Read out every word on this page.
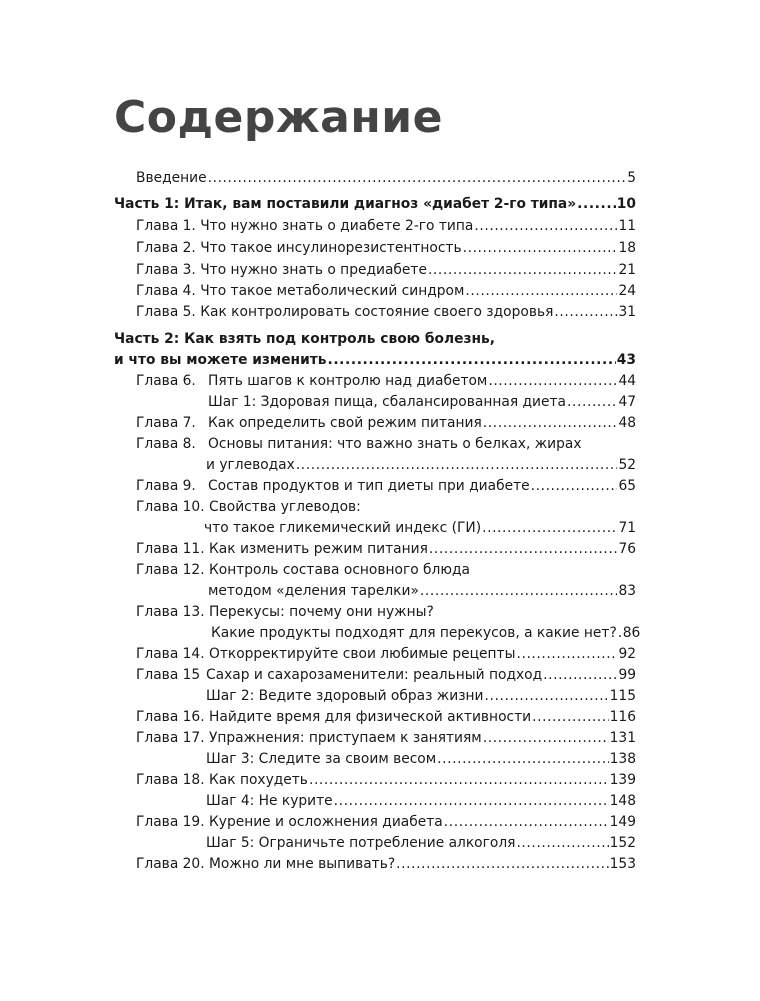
Содержание
Введение .....	5
Часть 1: Итак, вам поставили диагноз «диабет 2-го типа» .....	10
Глава 1. Что нужно знать о диабете 2-го типа .....	11
Глава 2. Что такое инсулинорезистентность .....	18
Глава 3. Что нужно знать о предиабете .....	21
Глава 4. Что такое метаболический синдром .....	24
Глава 5. Как контролировать состояние своего здоровья .....	31
Часть 2: Как взять под контроль свою болезнь,
и что вы можете изменить .....	43
Глава 6. Пять шагов к контролю над диабетом .....	44
Шаг 1: Здоровая пища, сбалансированная диета .....	47
Глава 7. Как определить свой режим питания .....	48
Глава 8. Основы питания: что важно знать о белках, жирах
и углеводах .....	52
Глава 9. Состав продуктов и тип диеты при диабете .....	65
Глава 10. Свойства углеводов:
что такое гликемический индекс (ГИ) .....	71
Глава 11. Как изменить режим питания .....	76
Глава 12. Контроль состава основного блюда
методом «деления тарелки» .....	83
Глава 13. Перекусы: почему они нужны?
Какие продукты подходят для перекусов, а какие нет? ..... 86
Глава 14. Откорректируйте свои любимые рецепты .....	92
Глава 15 Сахар и сахарозаменители: реальный подход .....	99
Шаг 2: Ведите здоровый образ жизни .....	115
Глава 16. Найдите время для физической активности .....	116
Глава 17. Упражнения: приступаем к занятиям .....	131
Шаг 3: Следите за своим весом .....	138
Глава 18. Как похудеть .....	139
Шаг 4: Не курите .....	148
Глава 19. Курение и осложнения диабета .....	149
Шаг 5: Ограничьте потребление алкоголя .....	152
Глава 20. Можно ли мне выпивать? .....	153
